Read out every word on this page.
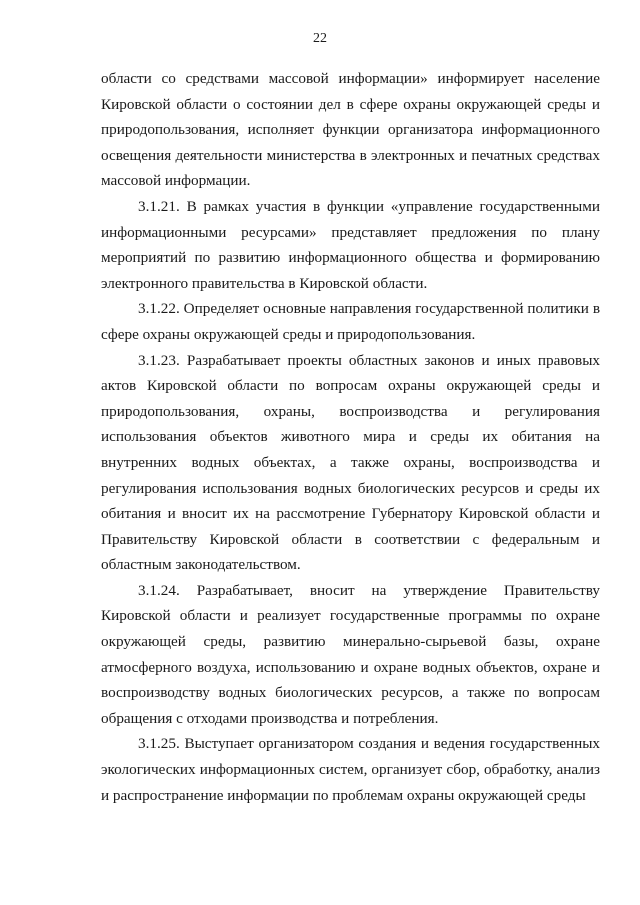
22

области со средствами массовой информации» информирует население Кировской области о состоянии дел в сфере охраны окружающей среды и природопользования, исполняет функции организатора информационного освещения деятельности министерства в электронных и печатных средствах массовой информации.

3.1.21. В рамках участия в функции «управление государственными информационными ресурсами» представляет предложения по плану мероприятий по развитию информационного общества и формированию электронного правительства в Кировской области.

3.1.22. Определяет основные направления государственной политики в сфере охраны окружающей среды и природопользования.

3.1.23. Разрабатывает проекты областных законов и иных правовых актов Кировской области по вопросам охраны окружающей среды и природопользования, охраны, воспроизводства и регулирования использования объектов животного мира и среды их обитания на внутренних водных объектах, а также охраны, воспроизводства и регулирования использования водных биологических ресурсов и среды их обитания и вносит их на рассмотрение Губернатору Кировской области и Правительству Кировской области в соответствии с федеральным и областным законодательством.

3.1.24. Разрабатывает, вносит на утверждение Правительству Кировской области и реализует государственные программы по охране окружающей среды, развитию минерально-сырьевой базы, охране атмосферного воздуха, использованию и охране водных объектов, охране и воспроизводству водных биологических ресурсов, а также по вопросам обращения с отходами производства и потребления.

3.1.25. Выступает организатором создания и ведения государственных экологических информационных систем, организует сбор, обработку, анализ и распространение информации по проблемам охраны окружающей среды
